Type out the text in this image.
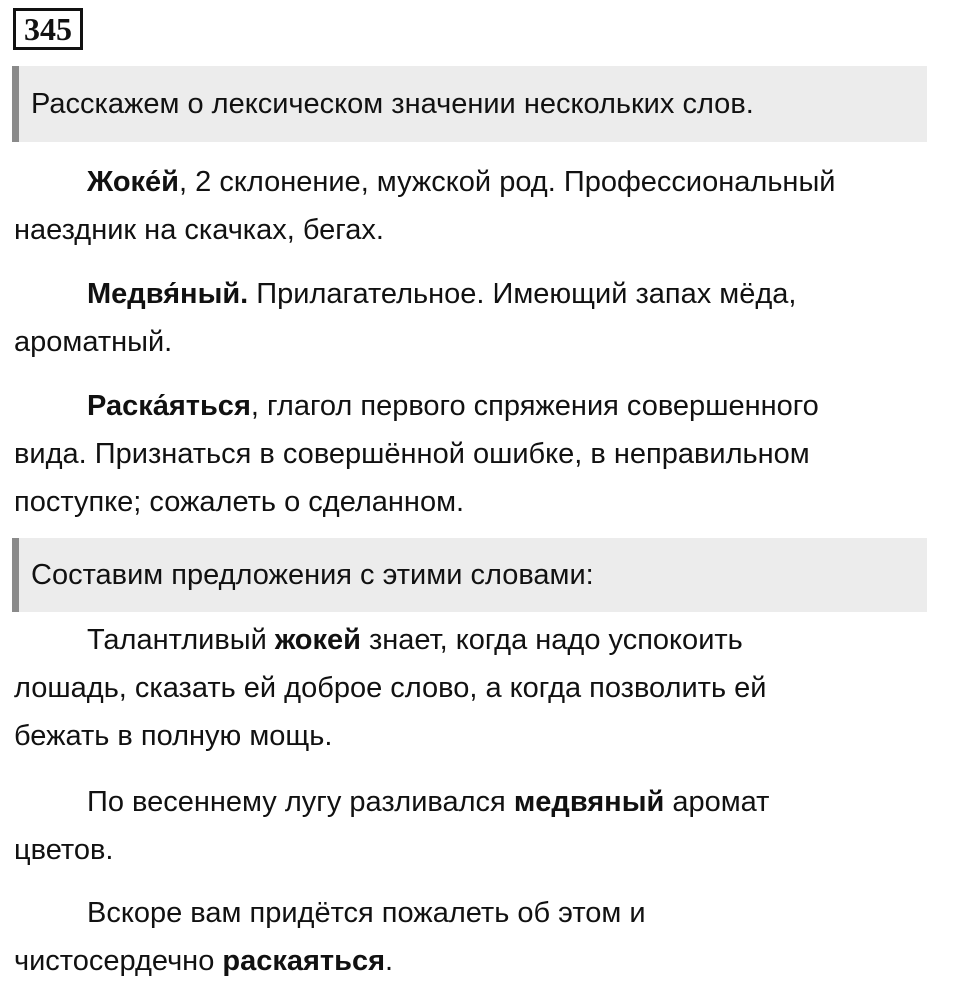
345
Расскажем о лексическом значении нескольких слов.

Жоке́й, 2 склонение, мужской род. Профессиональный
наездник на скачках, бегах.

Медвя́ный. Прилагательное. Имеющий запах мёда,
ароматный.

Раска́яться, глагол первого спряжения совершенного
вида. Признаться в совершённой ошибке, в неправильном
поступке; сожалеть о сделанном.

Составим предложения с этими словами:

Талантливый жокей знает, когда надо успокоить
лошадь, сказать ей доброе слово, а когда позволить ей
бежать в полную мощь.

По весеннему лугу разливался медвяный аромат
цветов.

Вскоре вам придётся пожалеть об этом и
чистосердечно раскаяться.
